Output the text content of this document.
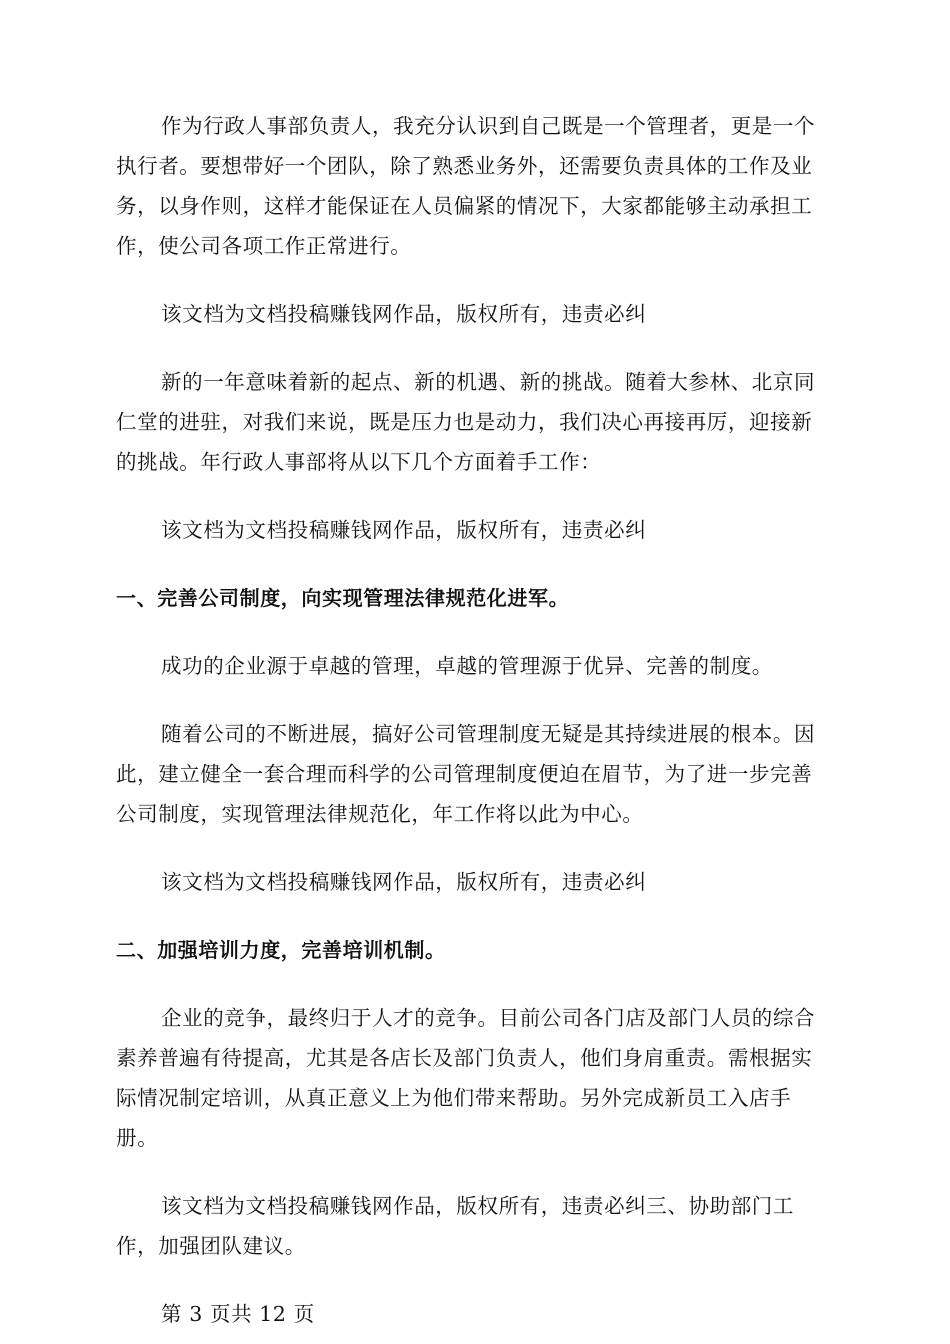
作为行政人事部负责人，我充分认识到自己既是一个管理者，更是一个执行者。要想带好一个团队，除了熟悉业务外，还需要负责具体的工作及业务，以身作则，这样才能保证在人员偏紧的情况下，大家都能够主动承担工作，使公司各项工作正常进行。

该文档为文档投稿赚钱网作品，版权所有，违责必纠

新的一年意味着新的起点、新的机遇、新的挑战。随着大参林、北京同仁堂的进驻，对我们来说，既是压力也是动力，我们决心再接再厉，迎接新的挑战。年行政人事部将从以下几个方面着手工作：

该文档为文档投稿赚钱网作品，版权所有，违责必纠

一、完善公司制度，向实现管理法律规范化进军。

成功的企业源于卓越的管理，卓越的管理源于优异、完善的制度。

随着公司的不断进展，搞好公司管理制度无疑是其持续进展的根本。因此，建立健全一套合理而科学的公司管理制度便迫在眉节，为了进一步完善公司制度，实现管理法律规范化，年工作将以此为中心。

该文档为文档投稿赚钱网作品，版权所有，违责必纠

二、加强培训力度，完善培训机制。

企业的竞争，最终归于人才的竞争。目前公司各门店及部门人员的综合素养普遍有待提高，尤其是各店长及部门负责人，他们身肩重责。需根据实际情况制定培训，从真正意义上为他们带来帮助。另外完成新员工入店手册。

该文档为文档投稿赚钱网作品，版权所有，违责必纠三、协助部门工作，加强团队建议。

第 3 页共 12 页
